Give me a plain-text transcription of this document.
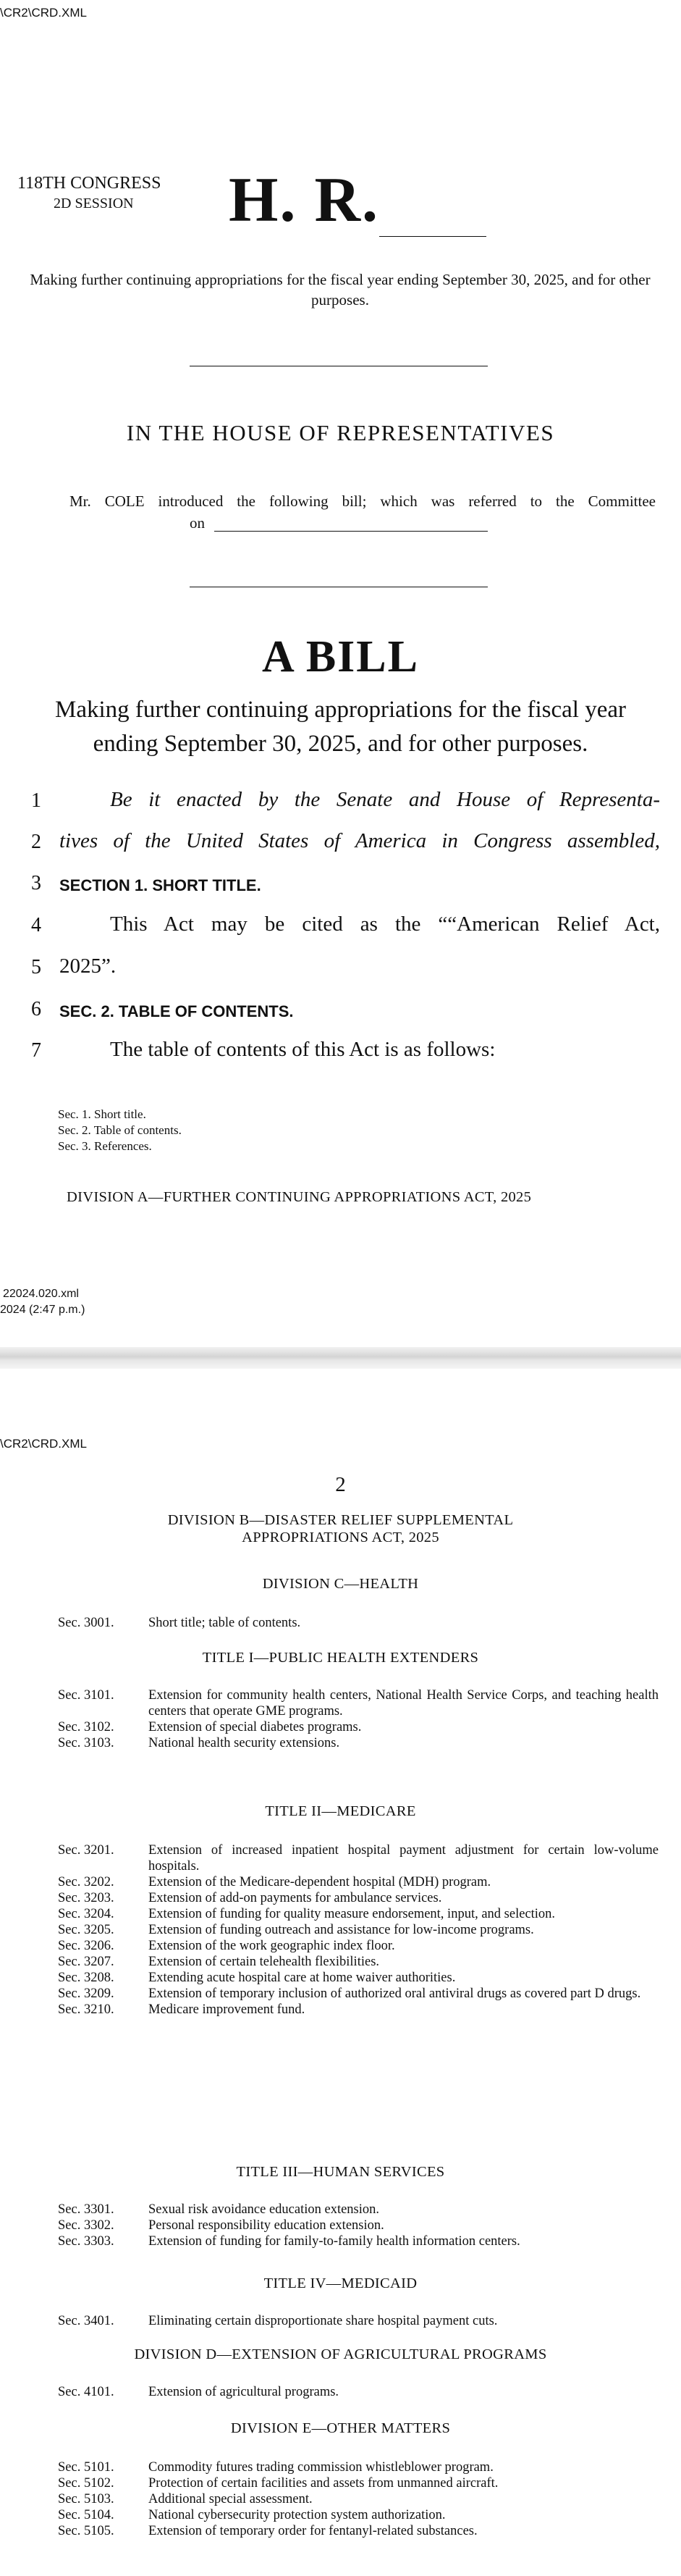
\CR2\CRD.XML
118TH CONGRESS
2D SESSION H. R.
Making further continuing appropriations for the fiscal year ending September 30, 2025, and for other purposes.
IN THE HOUSE OF REPRESENTATIVES
Mr. COLE introduced the following bill; which was referred to the Committee
on
A BILL
Making further continuing appropriations for the fiscal year
ending September 30, 2025, and for other purposes.
1	Be it enacted by the Senate and House of Representa-
2 tives of the United States of America in Congress assembled,
3	SECTION 1. SHORT TITLE.
4	This Act may be cited as the ““American Relief Act,
5 2025”.
6	SEC. 2. TABLE OF CONTENTS.
7	The table of contents of this Act is as follows:
Sec. 1. Short title.
Sec. 2. Table of contents.
Sec. 3. References.
DIVISION A—FURTHER CONTINUING APPROPRIATIONS ACT, 2025
22024.020.xml
2024 (2:47 p.m.)
\CR2\CRD.XML
2
DIVISION B—DISASTER RELIEF SUPPLEMENTAL
APPROPRIATIONS ACT, 2025
DIVISION C—HEALTH
Sec. 3001.	Short title; table of contents.
TITLE I—PUBLIC HEALTH EXTENDERS
Sec. 3101.	Extension for community health centers, National Health Service Corps, and teaching health centers that operate GME programs.
Sec. 3102.	Extension of special diabetes programs.
Sec. 3103.	National health security extensions.
TITLE II—MEDICARE
Sec. 3201.	Extension of increased inpatient hospital payment adjustment for certain low-volume hospitals.
Sec. 3202.	Extension of the Medicare-dependent hospital (MDH) program.
Sec. 3203.	Extension of add-on payments for ambulance services.
Sec. 3204.	Extension of funding for quality measure endorsement, input, and selection.
Sec. 3205.	Extension of funding outreach and assistance for low-income programs.
Sec. 3206.	Extension of the work geographic index floor.
Sec. 3207.	Extension of certain telehealth flexibilities.
Sec. 3208.	Extending acute hospital care at home waiver authorities.
Sec. 3209.	Extension of temporary inclusion of authorized oral antiviral drugs as covered part D drugs.
Sec. 3210.	Medicare improvement fund.
TITLE III—HUMAN SERVICES
Sec. 3301.	Sexual risk avoidance education extension.
Sec. 3302.	Personal responsibility education extension.
Sec. 3303.	Extension of funding for family-to-family health information centers.
TITLE IV—MEDICAID
Sec. 3401.	Eliminating certain disproportionate share hospital payment cuts.
DIVISION D—EXTENSION OF AGRICULTURAL PROGRAMS
Sec. 4101.	Extension of agricultural programs.
DIVISION E—OTHER MATTERS
Sec. 5101.	Commodity futures trading commission whistleblower program.
Sec. 5102.	Protection of certain facilities and assets from unmanned aircraft.
Sec. 5103.	Additional special assessment.
Sec. 5104.	National cybersecurity protection system authorization.
Sec. 5105.	Extension of temporary order for fentanyl-related substances.
